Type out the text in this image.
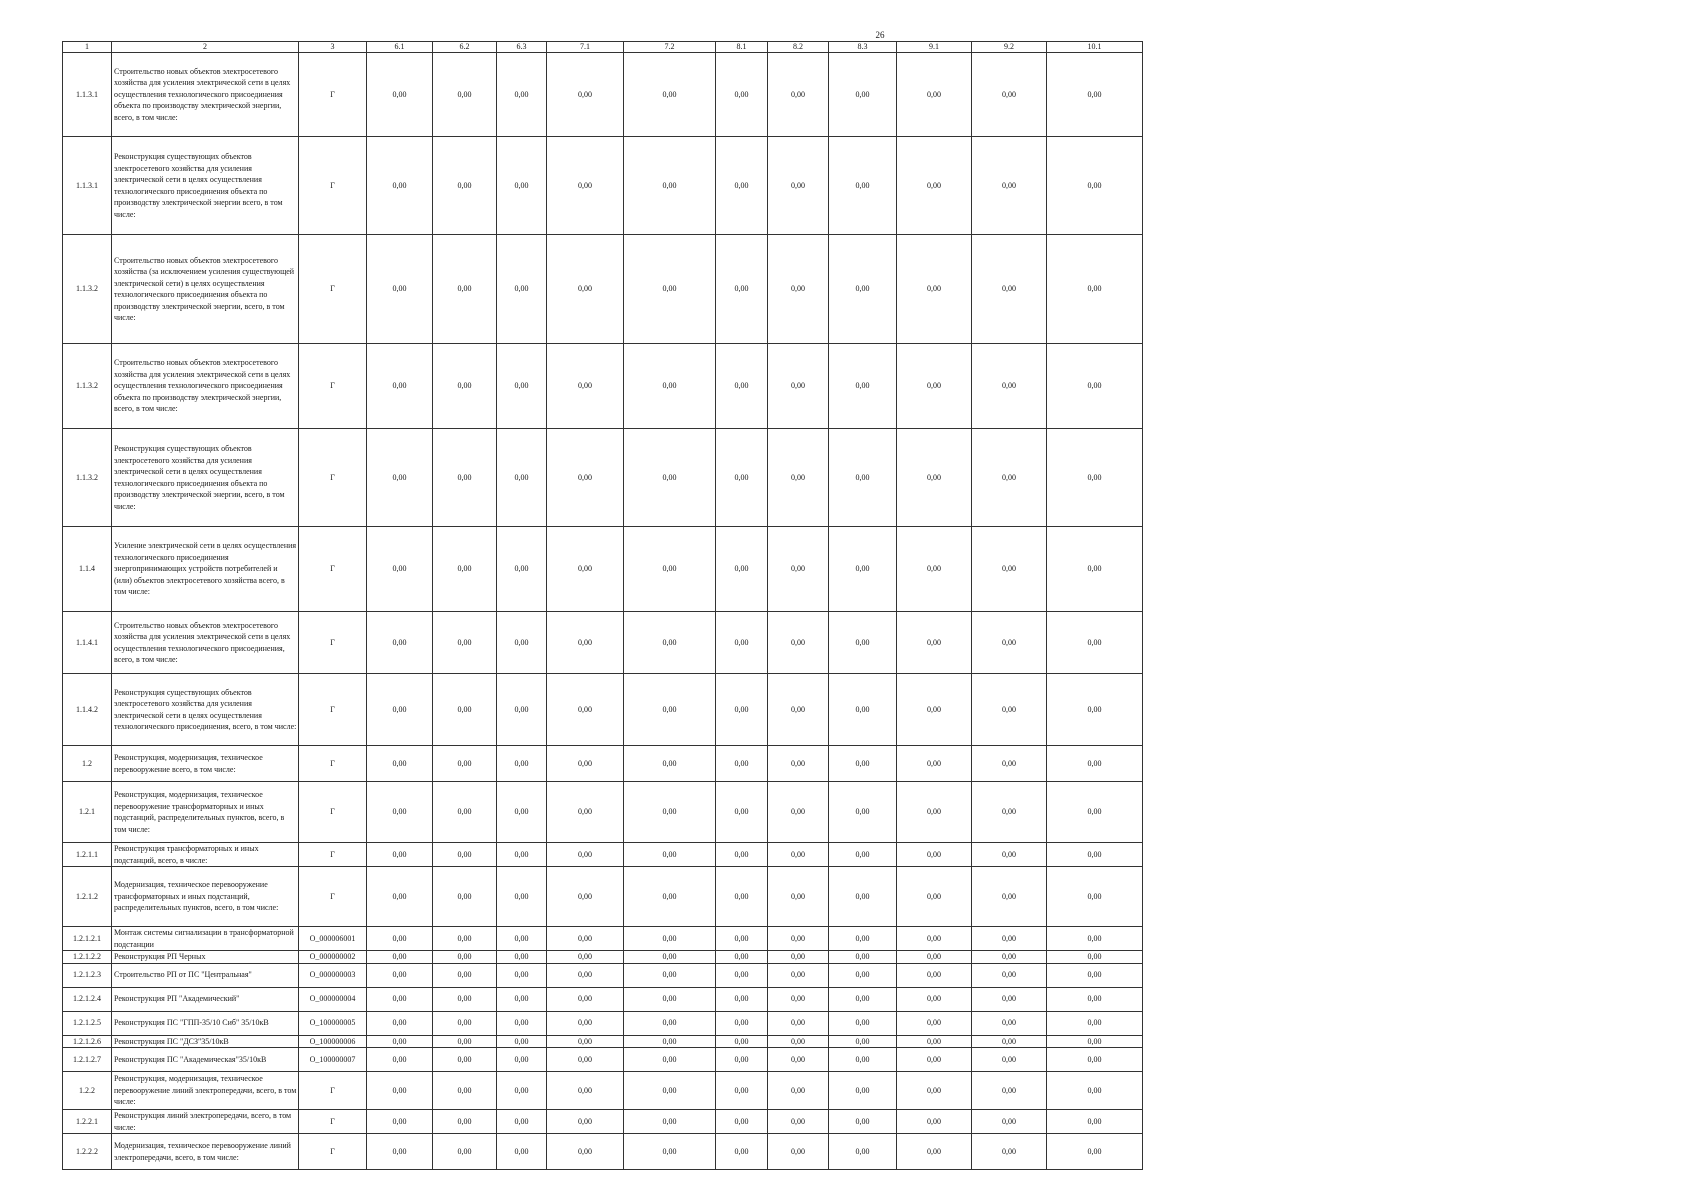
26
1	2	3	6.1	6.2	6.3	7.1	7.2	8.1	8.2	8.3	9.1	9.2	10.1
1.1.3.1	Строительство новых объектов электросетевого хозяйства для усиления электрической сети в целях осуществления технологического присоединения объекта по производству электрической энергии, всего, в том числе:	Г	0,00	0,00	0,00	0,00	0,00	0,00	0,00	0,00	0,00	0,00	0,00
1.1.3.1	Реконструкция существующих объектов электросетевого хозяйства для усиления электрической сети в целях осуществления технологического присоединения объекта по производству электрической энергии всего, в том числе:	Г	0,00	0,00	0,00	0,00	0,00	0,00	0,00	0,00	0,00	0,00	0,00
1.1.3.2	Строительство новых объектов электросетевого хозяйства (за исключением усиления существующей электрической сети) в целях осуществления технологического присоединения объекта по производству электрической энергии, всего, в том числе:	Г	0,00	0,00	0,00	0,00	0,00	0,00	0,00	0,00	0,00	0,00	0,00
1.1.3.2	Строительство новых объектов электросетевого хозяйства для усиления электрической сети в целях осуществления технологического присоединения объекта по производству электрической энергии, всего, в том числе:	Г	0,00	0,00	0,00	0,00	0,00	0,00	0,00	0,00	0,00	0,00	0,00
1.1.3.2	Реконструкция существующих объектов электросетевого хозяйства для усиления электрической сети в целях осуществления технологического присоединения объекта по производству электрической энергии, всего, в том числе:	Г	0,00	0,00	0,00	0,00	0,00	0,00	0,00	0,00	0,00	0,00	0,00
1.1.4	Усиление электрической сети в целях осуществления технологического присоединения энергопринимающих устройств потребителей и (или) объектов электросетевого хозяйства всего, в том числе:	Г	0,00	0,00	0,00	0,00	0,00	0,00	0,00	0,00	0,00	0,00	0,00
1.1.4.1	Строительство новых объектов электросетевого хозяйства для усиления электрической сети в целях осуществления технологического присоединения, всего, в том числе:	Г	0,00	0,00	0,00	0,00	0,00	0,00	0,00	0,00	0,00	0,00	0,00
1.1.4.2	Реконструкция существующих объектов электросетевого хозяйства для усиления электрической сети в целях осуществления технологического присоединения, всего, в том числе:	Г	0,00	0,00	0,00	0,00	0,00	0,00	0,00	0,00	0,00	0,00	0,00
1.2	Реконструкция, модернизация, техническое перевооружение всего, в том числе:	Г	0,00	0,00	0,00	0,00	0,00	0,00	0,00	0,00	0,00	0,00	0,00
1.2.1	Реконструкция, модернизация, техническое перевооружение трансформаторных и иных подстанций, распределительных пунктов, всего, в том числе:	Г	0,00	0,00	0,00	0,00	0,00	0,00	0,00	0,00	0,00	0,00	0,00
1.2.1.1	Реконструкция трансформаторных и иных подстанций, всего, в числе:	Г	0,00	0,00	0,00	0,00	0,00	0,00	0,00	0,00	0,00	0,00	0,00
1.2.1.2	Модернизация, техническое перевооружение трансформаторных и иных подстанций, распределительных пунктов, всего, в том числе:	Г	0,00	0,00	0,00	0,00	0,00	0,00	0,00	0,00	0,00	0,00	0,00
1.2.1.2.1	Монтаж системы сигнализации в трансформаторной подстанции	O_000006001	0,00	0,00	0,00	0,00	0,00	0,00	0,00	0,00	0,00	0,00	0,00
1.2.1.2.2	Реконструкция РП Черных	O_000000002	0,00	0,00	0,00	0,00	0,00	0,00	0,00	0,00	0,00	0,00	0,00
1.2.1.2.3	Строительство РП от ПС "Центральная"	O_000000003	0,00	0,00	0,00	0,00	0,00	0,00	0,00	0,00	0,00	0,00	0,00
1.2.1.2.4	Реконструкция РП "Академический"	O_000000004	0,00	0,00	0,00	0,00	0,00	0,00	0,00	0,00	0,00	0,00	0,00
1.2.1.2.5	Реконструкция ПС "ГПП-35/10 Сиб" 35/10кВ	O_100000005	0,00	0,00	0,00	0,00	0,00	0,00	0,00	0,00	0,00	0,00	0,00
1.2.1.2.6	Реконструкция ПС "ДСЗ"35/10кВ	O_100000006	0,00	0,00	0,00	0,00	0,00	0,00	0,00	0,00	0,00	0,00	0,00
1.2.1.2.7	Реконструкция ПС "Академическая"35/10кВ	O_100000007	0,00	0,00	0,00	0,00	0,00	0,00	0,00	0,00	0,00	0,00	0,00
1.2.2	Реконструкция, модернизация, техническое перевооружение линий электропередачи, всего, в том числе:	Г	0,00	0,00	0,00	0,00	0,00	0,00	0,00	0,00	0,00	0,00	0,00
1.2.2.1	Реконструкция линий электропередачи, всего, в том числе:	Г	0,00	0,00	0,00	0,00	0,00	0,00	0,00	0,00	0,00	0,00	0,00
1.2.2.2	Модернизация, техническое перевооружение линий электропередачи, всего, в том числе:	Г	0,00	0,00	0,00	0,00	0,00	0,00	0,00	0,00	0,00	0,00	0,00
